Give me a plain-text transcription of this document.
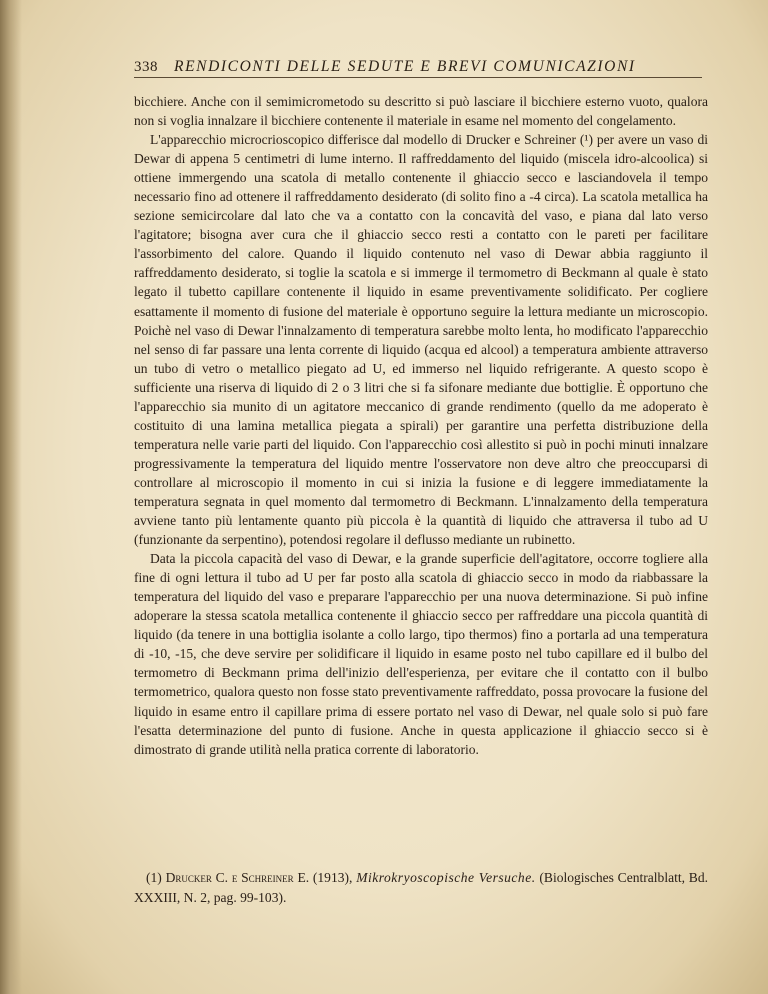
338 RENDICONTI DELLE SEDUTE E BREVI COMUNICAZIONI

bicchiere. Anche con il semimicrometodo su descritto si può lasciare il bicchiere esterno vuoto, qualora non si voglia innalzare il bicchiere contenente il materiale in esame nel momento del congelamento.

L'apparecchio microcrioscopico differisce dal modello di Drucker e Schreiner (¹) per avere un vaso di Dewar di appena 5 centimetri di lume interno. Il raffreddamento del liquido (miscela idro-alcoolica) si ottiene immergendo una scatola di metallo contenente il ghiaccio secco e lasciandovela il tempo necessario fino ad ottenere il raffreddamento desiderato (di solito fino a -4 circa). La scatola metallica ha sezione semicircolare dal lato che va a contatto con la concavità del vaso, e piana dal lato verso l'agitatore; bisogna aver cura che il ghiaccio secco resti a contatto con le pareti per facilitare l'assorbimento del calore. Quando il liquido contenuto nel vaso di Dewar abbia raggiunto il raffreddamento desiderato, si toglie la scatola e si immerge il termometro di Beckmann al quale è stato legato il tubetto capillare contenente il liquido in esame preventivamente solidificato. Per cogliere esattamente il momento di fusione del materiale è opportuno seguire la lettura mediante un microscopio. Poichè nel vaso di Dewar l'innalzamento di temperatura sarebbe molto lenta, ho modificato l'apparecchio nel senso di far passare una lenta corrente di liquido (acqua ed alcool) a temperatura ambiente attraverso un tubo di vetro o metallico piegato ad U, ed immerso nel liquido refrigerante. A questo scopo è sufficiente una riserva di liquido di 2 o 3 litri che si fa sifonare mediante due bottiglie. È opportuno che l'apparecchio sia munito di un agitatore meccanico di grande rendimento (quello da me adoperato è costituito di una lamina metallica piegata a spirali) per garantire una perfetta distribuzione della temperatura nelle varie parti del liquido. Con l'apparecchio così allestito si può in pochi minuti innalzare progressivamente la temperatura del liquido mentre l'osservatore non deve altro che preoccuparsi di controllare al microscopio il momento in cui si inizia la fusione e di leggere immediatamente la temperatura segnata in quel momento dal termometro di Beckmann. L'innalzamento della temperatura avviene tanto più lentamente quanto più piccola è la quantità di liquido che attraversa il tubo ad U (funzionante da serpentino), potendosi regolare il deflusso mediante un rubinetto.

Data la piccola capacità del vaso di Dewar, e la grande superficie dell'agitatore, occorre togliere alla fine di ogni lettura il tubo ad U per far posto alla scatola di ghiaccio secco in modo da riabbassare la temperatura del liquido del vaso e preparare l'apparecchio per una nuova determinazione. Si può infine adoperare la stessa scatola metallica contenente il ghiaccio secco per raffreddare una piccola quantità di liquido (da tenere in una bottiglia isolante a collo largo, tipo thermos) fino a portarla ad una temperatura di -10, -15, che deve servire per solidificare il liquido in esame posto nel tubo capillare ed il bulbo del termometro di Beckmann prima dell'inizio dell'esperienza, per evitare che il contatto con il bulbo termometrico, qualora questo non fosse stato preventivamente raffreddato, possa provocare la fusione del liquido in esame entro il capillare prima di essere portato nel vaso di Dewar, nel quale solo si può fare l'esatta determinazione del punto di fusione. Anche in questa applicazione il ghiaccio secco si è dimostrato di grande utilità nella pratica corrente di laboratorio.

(1) Drucker C. e Schreiner E. (1913), Mikrokryoscopische Versuche. (Biologisches Centralblatt, Bd. XXXIII, N. 2, pag. 99-103).
